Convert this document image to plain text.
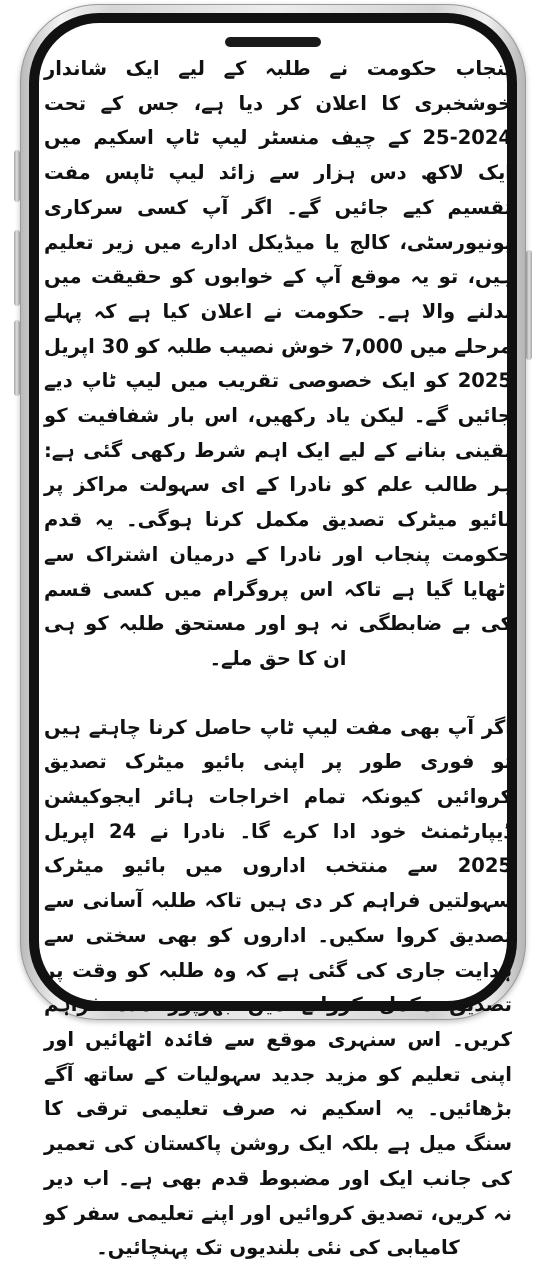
پنجاب حکومت نے طلبہ کے لیے ایک شاندار خوشخبری کا اعلان کر دیا ہے، جس کے تحت 2024-25 کے چیف منسٹر لیپ ٹاپ اسکیم میں ایک لاکھ دس ہزار سے زائد لیپ ٹاپس مفت تقسیم کیے جائیں گے۔ اگر آپ کسی سرکاری یونیورسٹی، کالج یا میڈیکل ادارے میں زیر تعلیم ہیں، تو یہ موقع آپ کے خوابوں کو حقیقت میں بدلنے والا ہے۔ حکومت نے اعلان کیا ہے کہ پہلے مرحلے میں 7,000 خوش نصیب طلبہ کو 30 اپریل 2025 کو ایک خصوصی تقریب میں لیپ ٹاپ دیے جائیں گے۔ لیکن یاد رکھیں، اس بار شفافیت کو یقینی بنانے کے لیے ایک اہم شرط رکھی گئی ہے: ہر طالب علم کو نادرا کے ای سہولت مراکز پر بائیو میٹرک تصدیق مکمل کرنا ہوگی۔ یہ قدم حکومت پنجاب اور نادرا کے درمیان اشتراک سے اٹھایا گیا ہے تاکہ اس پروگرام میں کسی قسم کی بے ضابطگی نہ ہو اور مستحق طلبہ کو ہی ان کا حق ملے۔

اگر آپ بھی مفت لیپ ٹاپ حاصل کرنا چاہتے ہیں تو فوری طور پر اپنی بائیو میٹرک تصدیق کروائیں کیونکہ تمام اخراجات ہائر ایجوکیشن ڈیپارٹمنٹ خود ادا کرے گا۔ نادرا نے 24 اپریل 2025 سے منتخب اداروں میں بائیو میٹرک سہولتیں فراہم کر دی ہیں تاکہ طلبہ آسانی سے تصدیق کروا سکیں۔ اداروں کو بھی سختی سے ہدایت جاری کی گئی ہے کہ وہ طلبہ کو وقت پر تصدیق مکمل کروانے میں بھرپور مدد فراہم کریں۔ اس سنہری موقع سے فائدہ اٹھائیں اور اپنی تعلیم کو مزید جدید سہولیات کے ساتھ آگے بڑھائیں۔ یہ اسکیم نہ صرف تعلیمی ترقی کا سنگ میل ہے بلکہ ایک روشن پاکستان کی تعمیر کی جانب ایک اور مضبوط قدم بھی ہے۔ اب دیر نہ کریں، تصدیق کروائیں اور اپنے تعلیمی سفر کو کامیابی کی نئی بلندیوں تک پہنچائیں۔
